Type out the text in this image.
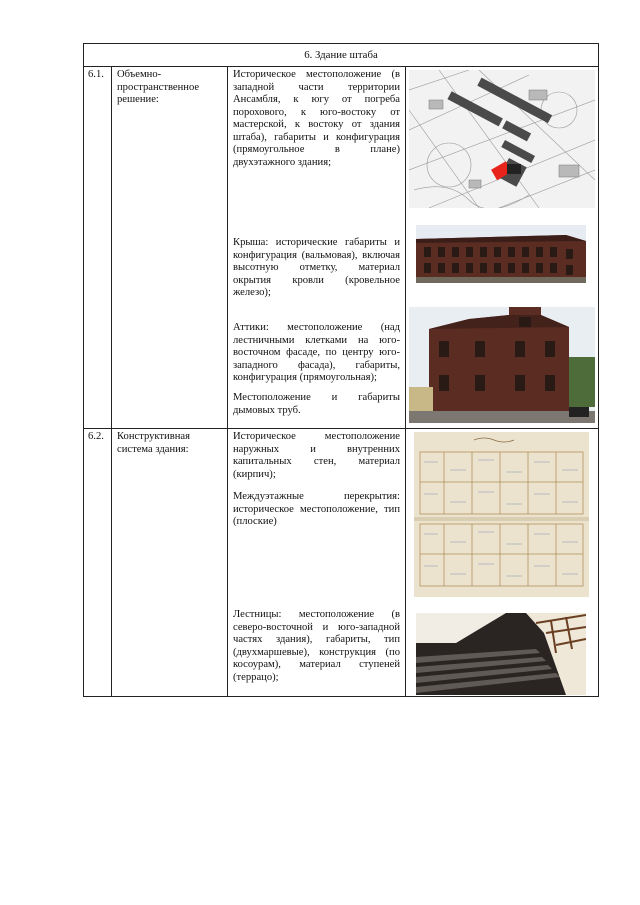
6. Здание штаба			

6.1.	Объемно-пространственное решение:	Историческое местоположение (в западной части территории Ансамбля, к югу от погреба порохового, к юго-востоку от мастерской, к востоку от здания штаба), габариты и конфигурация (прямоугольное в плане) двухэтажного здания;
Крыша: исторические габариты и конфигурация (вальмовая), включая высотную отметку, материал окрытия кровли (кровельное железо);
Аттики: местоположение (над лестничными клетками на юго-восточном фасаде, по центру юго-западного фасада), габариты, конфигурация (прямоугольная);
Местоположение и габариты дымовых труб.

6.2.	Конструктивная система здания:	Историческое местоположение наружных и внутренних капитальных стен, материал (кирпич);
Междуэтажные перекрытия: историческое местоположение, тип (плоские)
Лестницы: местоположение (в северо-восточной и юго-западной частях здания), габариты, тип (двухмаршевые), конструкция (по косоурам), материал ступеней (террацо);
